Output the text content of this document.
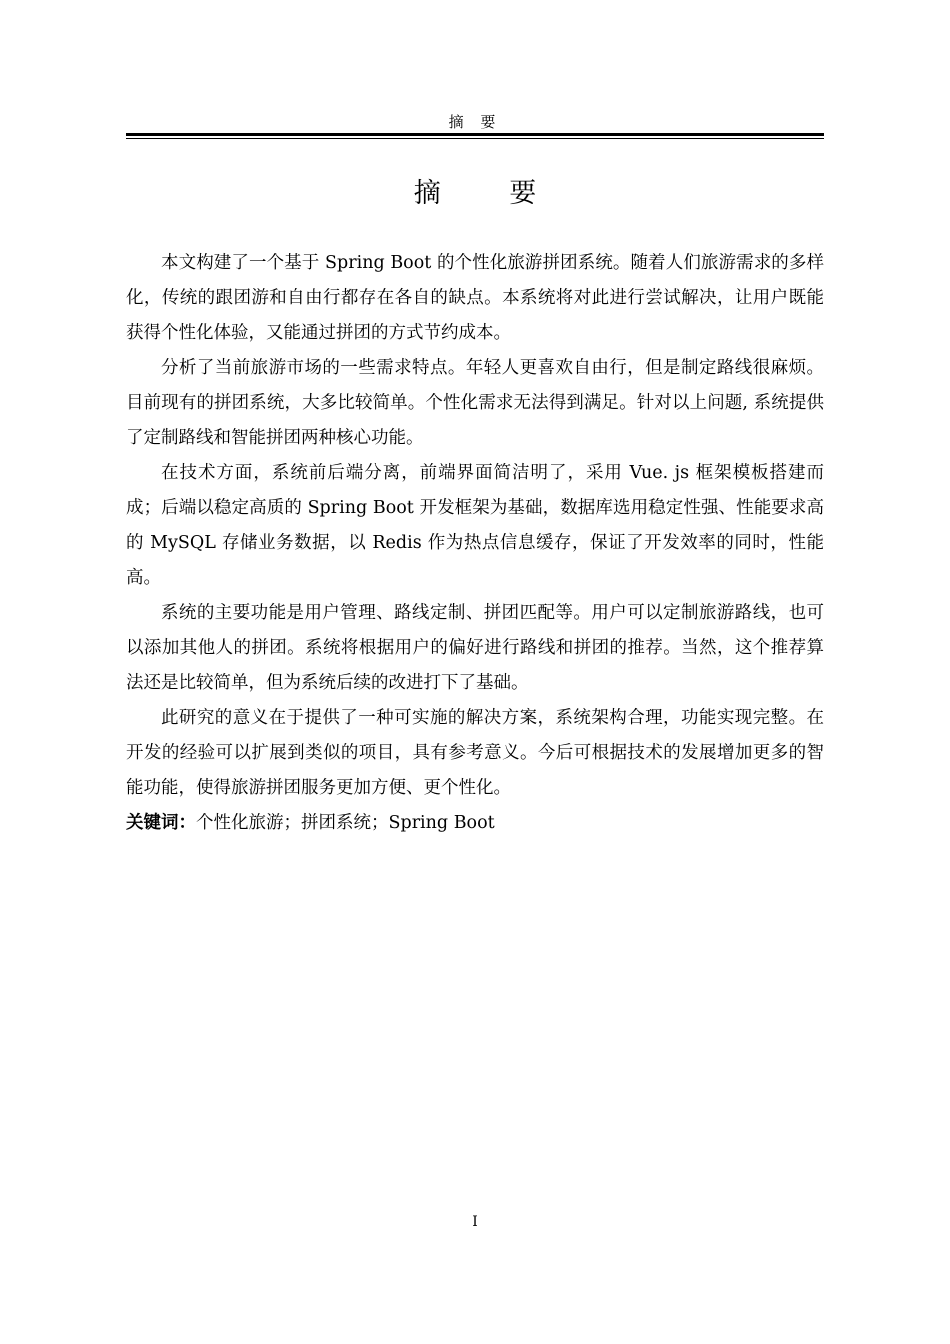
摘 要
摘 要

本文构建了一个基于 Spring Boot 的个性化旅游拼团系统。随着人们旅游需求的多样化，传统的跟团游和自由行都存在各自的缺点。本系统将对此进行尝试解决，让用户既能获得个性化体验，又能通过拼团的方式节约成本。

分析了当前旅游市场的一些需求特点。年轻人更喜欢自由行，但是制定路线很麻烦。目前现有的拼团系统，大多比较简单。个性化需求无法得到满足。针对以上问题, 系统提供了定制路线和智能拼团两种核心功能。

在技术方面，系统前后端分离，前端界面简洁明了，采用 Vue. js 框架模板搭建而成；后端以稳定高质的 Spring Boot 开发框架为基础，数据库选用稳定性强、性能要求高的 MySQL 存储业务数据，以 Redis 作为热点信息缓存，保证了开发效率的同时，性能高。

系统的主要功能是用户管理、路线定制、拼团匹配等。用户可以定制旅游路线，也可以添加其他人的拼团。系统将根据用户的偏好进行路线和拼团的推荐。当然，这个推荐算法还是比较简单，但为系统后续的改进打下了基础。

此研究的意义在于提供了一种可实施的解决方案，系统架构合理，功能实现完整。在开发的经验可以扩展到类似的项目，具有参考意义。今后可根据技术的发展增加更多的智能功能，使得旅游拼团服务更加方便、更个性化。

关键词：个性化旅游；拼团系统；Spring Boot
I
